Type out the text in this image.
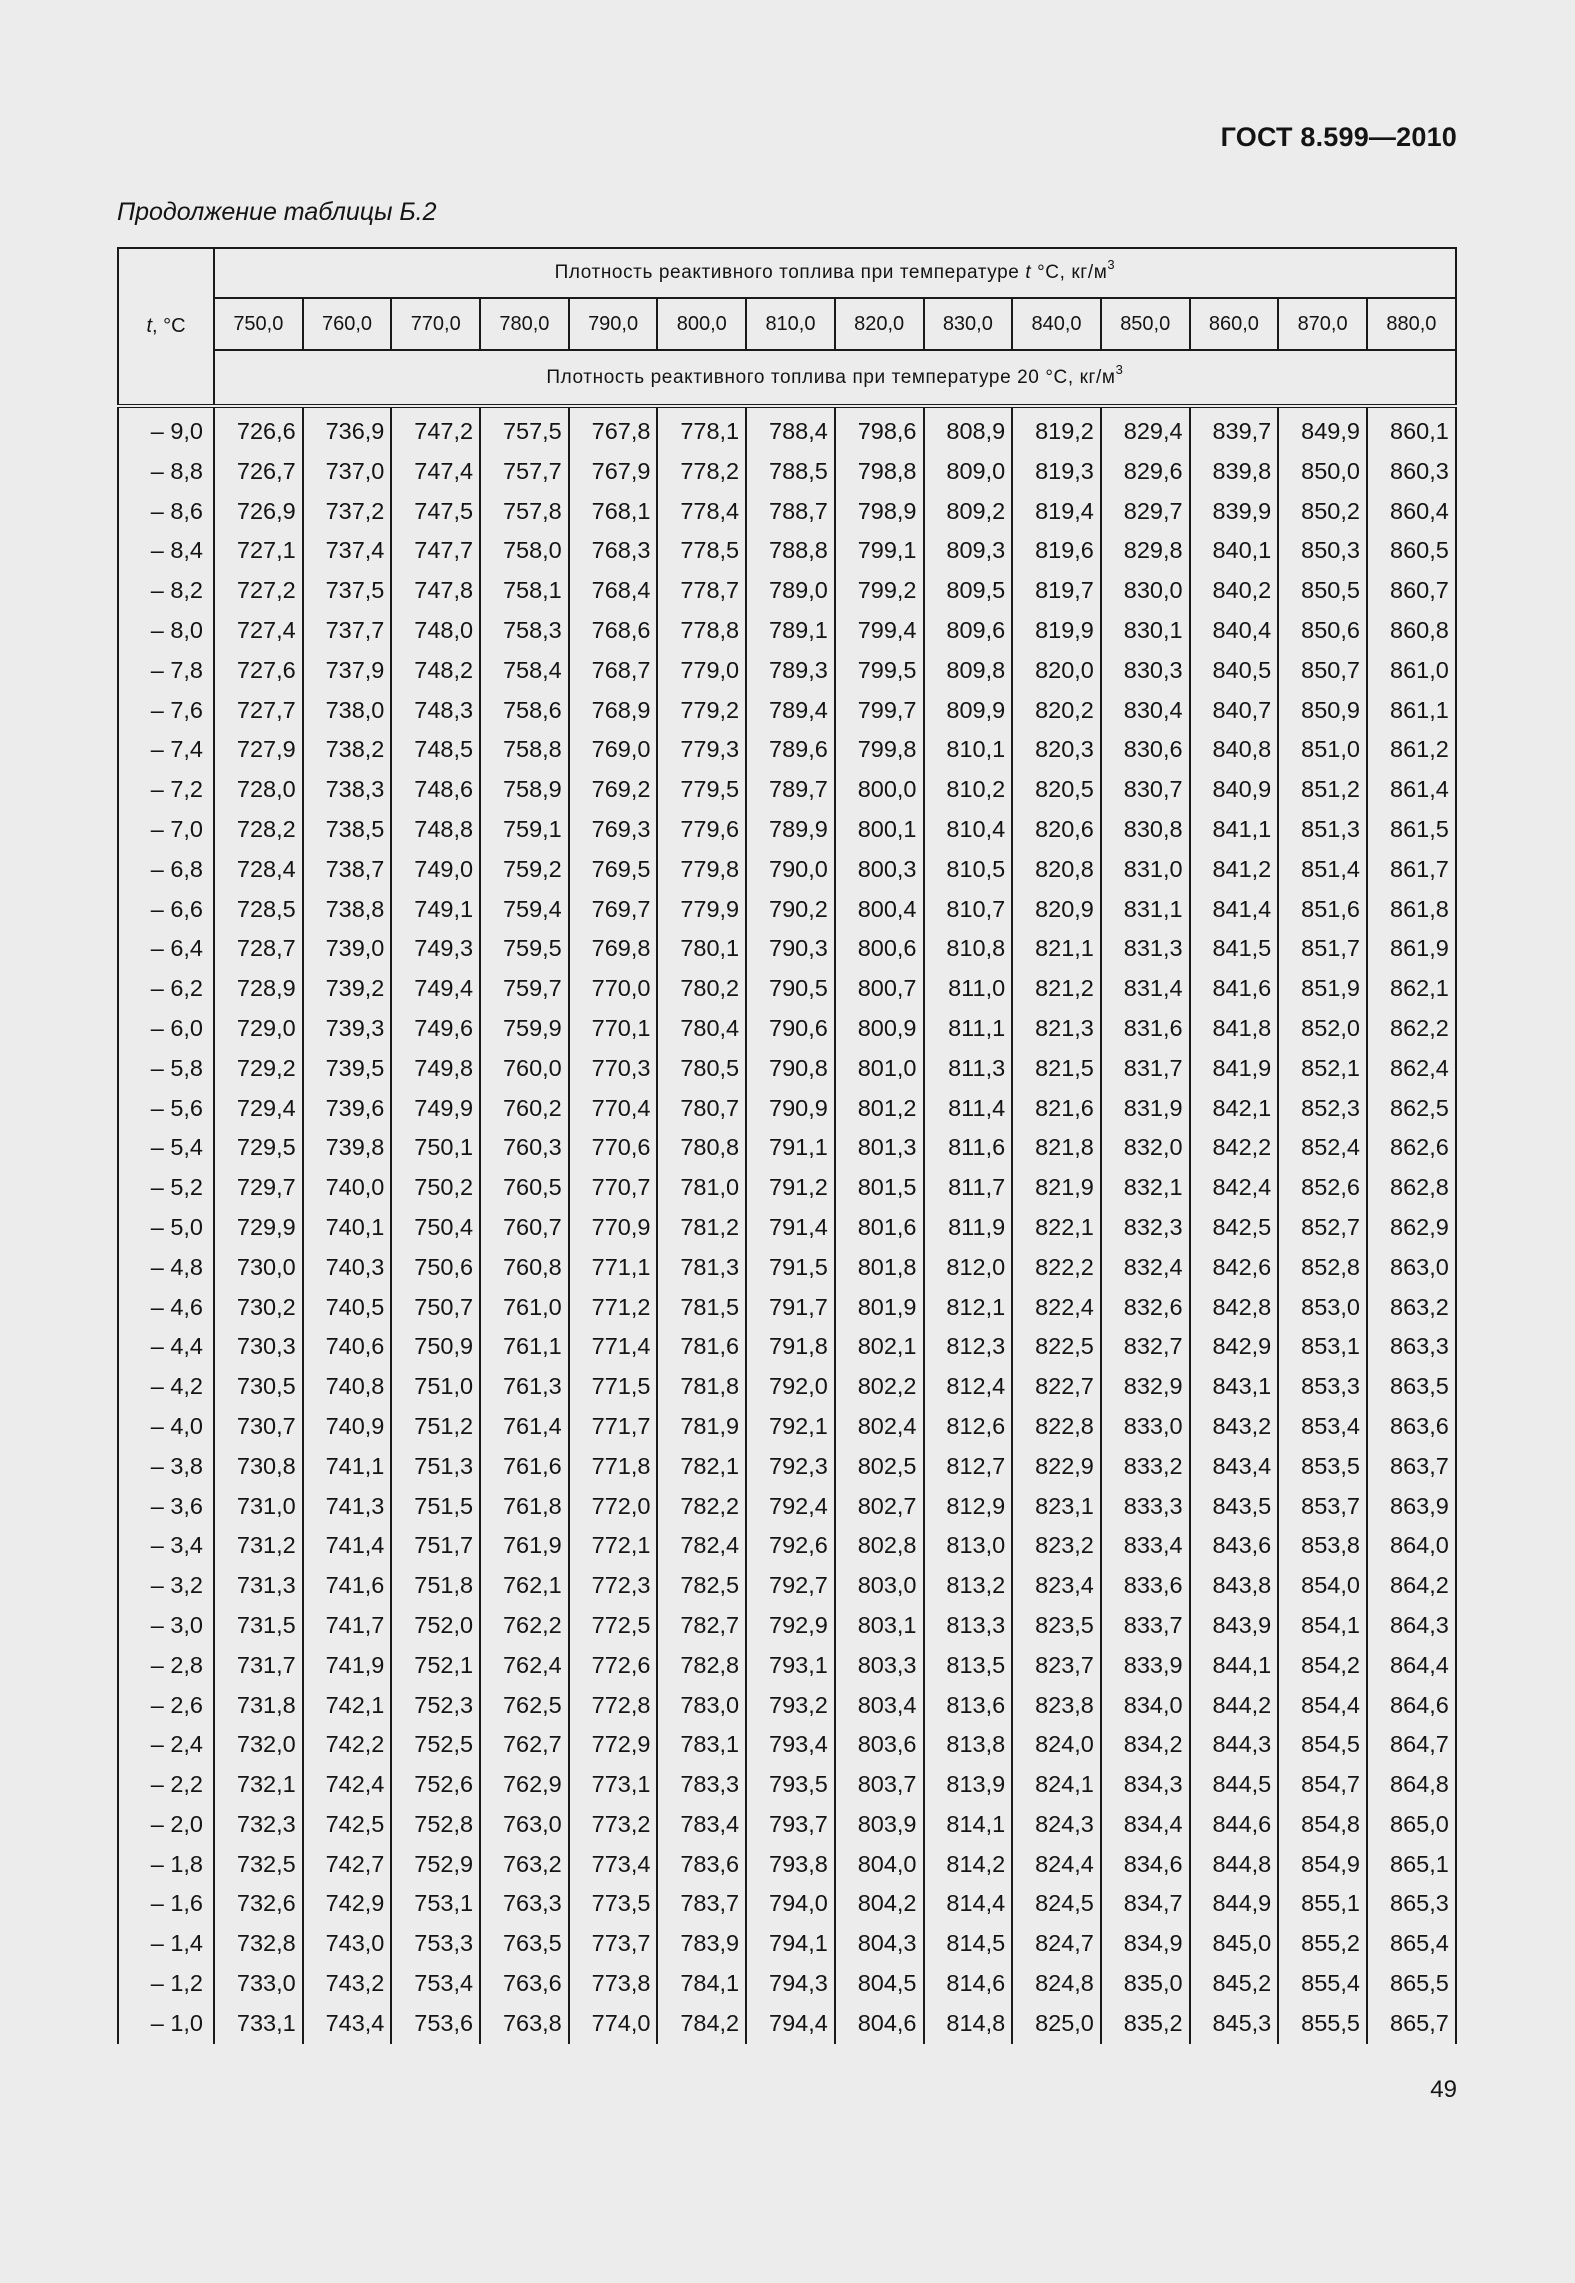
ГОСТ 8.599—2010
Продолжение таблицы Б.2
t, °C	Плотность реактивного топлива при температуре t °С, $кг/м^3$
	750,0	760,0	770,0	780,0	790,0	800,0	810,0	820,0	830,0	840,0	850,0	860,0	870,0	880,0
	Плотность реактивного топлива при температуре 20 °С, $кг/м^3$
– 9,0	726,6	736,9	747,2	757,5	767,8	778,1	788,4	798,6	808,9	819,2	829,4	839,7	849,9	860,1
– 8,8	726,7	737,0	747,4	757,7	767,9	778,2	788,5	798,8	809,0	819,3	829,6	839,8	850,0	860,3
– 8,6	726,9	737,2	747,5	757,8	768,1	778,4	788,7	798,9	809,2	819,4	829,7	839,9	850,2	860,4
– 8,4	727,1	737,4	747,7	758,0	768,3	778,5	788,8	799,1	809,3	819,6	829,8	840,1	850,3	860,5
– 8,2	727,2	737,5	747,8	758,1	768,4	778,7	789,0	799,2	809,5	819,7	830,0	840,2	850,5	860,7
– 8,0	727,4	737,7	748,0	758,3	768,6	778,8	789,1	799,4	809,6	819,9	830,1	840,4	850,6	860,8
– 7,8	727,6	737,9	748,2	758,4	768,7	779,0	789,3	799,5	809,8	820,0	830,3	840,5	850,7	861,0
– 7,6	727,7	738,0	748,3	758,6	768,9	779,2	789,4	799,7	809,9	820,2	830,4	840,7	850,9	861,1
– 7,4	727,9	738,2	748,5	758,8	769,0	779,3	789,6	799,8	810,1	820,3	830,6	840,8	851,0	861,2
– 7,2	728,0	738,3	748,6	758,9	769,2	779,5	789,7	800,0	810,2	820,5	830,7	840,9	851,2	861,4
– 7,0	728,2	738,5	748,8	759,1	769,3	779,6	789,9	800,1	810,4	820,6	830,8	841,1	851,3	861,5
– 6,8	728,4	738,7	749,0	759,2	769,5	779,8	790,0	800,3	810,5	820,8	831,0	841,2	851,4	861,7
– 6,6	728,5	738,8	749,1	759,4	769,7	779,9	790,2	800,4	810,7	820,9	831,1	841,4	851,6	861,8
– 6,4	728,7	739,0	749,3	759,5	769,8	780,1	790,3	800,6	810,8	821,1	831,3	841,5	851,7	861,9
– 6,2	728,9	739,2	749,4	759,7	770,0	780,2	790,5	800,7	811,0	821,2	831,4	841,6	851,9	862,1
– 6,0	729,0	739,3	749,6	759,9	770,1	780,4	790,6	800,9	811,1	821,3	831,6	841,8	852,0	862,2
– 5,8	729,2	739,5	749,8	760,0	770,3	780,5	790,8	801,0	811,3	821,5	831,7	841,9	852,1	862,4
– 5,6	729,4	739,6	749,9	760,2	770,4	780,7	790,9	801,2	811,4	821,6	831,9	842,1	852,3	862,5
– 5,4	729,5	739,8	750,1	760,3	770,6	780,8	791,1	801,3	811,6	821,8	832,0	842,2	852,4	862,6
– 5,2	729,7	740,0	750,2	760,5	770,7	781,0	791,2	801,5	811,7	821,9	832,1	842,4	852,6	862,8
– 5,0	729,9	740,1	750,4	760,7	770,9	781,2	791,4	801,6	811,9	822,1	832,3	842,5	852,7	862,9
– 4,8	730,0	740,3	750,6	760,8	771,1	781,3	791,5	801,8	812,0	822,2	832,4	842,6	852,8	863,0
– 4,6	730,2	740,5	750,7	761,0	771,2	781,5	791,7	801,9	812,1	822,4	832,6	842,8	853,0	863,2
– 4,4	730,3	740,6	750,9	761,1	771,4	781,6	791,8	802,1	812,3	822,5	832,7	842,9	853,1	863,3
– 4,2	730,5	740,8	751,0	761,3	771,5	781,8	792,0	802,2	812,4	822,7	832,9	843,1	853,3	863,5
– 4,0	730,7	740,9	751,2	761,4	771,7	781,9	792,1	802,4	812,6	822,8	833,0	843,2	853,4	863,6
– 3,8	730,8	741,1	751,3	761,6	771,8	782,1	792,3	802,5	812,7	822,9	833,2	843,4	853,5	863,7
– 3,6	731,0	741,3	751,5	761,8	772,0	782,2	792,4	802,7	812,9	823,1	833,3	843,5	853,7	863,9
– 3,4	731,2	741,4	751,7	761,9	772,1	782,4	792,6	802,8	813,0	823,2	833,4	843,6	853,8	864,0
– 3,2	731,3	741,6	751,8	762,1	772,3	782,5	792,7	803,0	813,2	823,4	833,6	843,8	854,0	864,2
– 3,0	731,5	741,7	752,0	762,2	772,5	782,7	792,9	803,1	813,3	823,5	833,7	843,9	854,1	864,3
– 2,8	731,7	741,9	752,1	762,4	772,6	782,8	793,1	803,3	813,5	823,7	833,9	844,1	854,2	864,4
– 2,6	731,8	742,1	752,3	762,5	772,8	783,0	793,2	803,4	813,6	823,8	834,0	844,2	854,4	864,6
– 2,4	732,0	742,2	752,5	762,7	772,9	783,1	793,4	803,6	813,8	824,0	834,2	844,3	854,5	864,7
– 2,2	732,1	742,4	752,6	762,9	773,1	783,3	793,5	803,7	813,9	824,1	834,3	844,5	854,7	864,8
– 2,0	732,3	742,5	752,8	763,0	773,2	783,4	793,7	803,9	814,1	824,3	834,4	844,6	854,8	865,0
– 1,8	732,5	742,7	752,9	763,2	773,4	783,6	793,8	804,0	814,2	824,4	834,6	844,8	854,9	865,1
– 1,6	732,6	742,9	753,1	763,3	773,5	783,7	794,0	804,2	814,4	824,5	834,7	844,9	855,1	865,3
– 1,4	732,8	743,0	753,3	763,5	773,7	783,9	794,1	804,3	814,5	824,7	834,9	845,0	855,2	865,4
– 1,2	733,0	743,2	753,4	763,6	773,8	784,1	794,3	804,5	814,6	824,8	835,0	845,2	855,4	865,5
– 1,0	733,1	743,4	753,6	763,8	774,0	784,2	794,4	804,6	814,8	825,0	835,2	845,3	855,5	865,7
49
